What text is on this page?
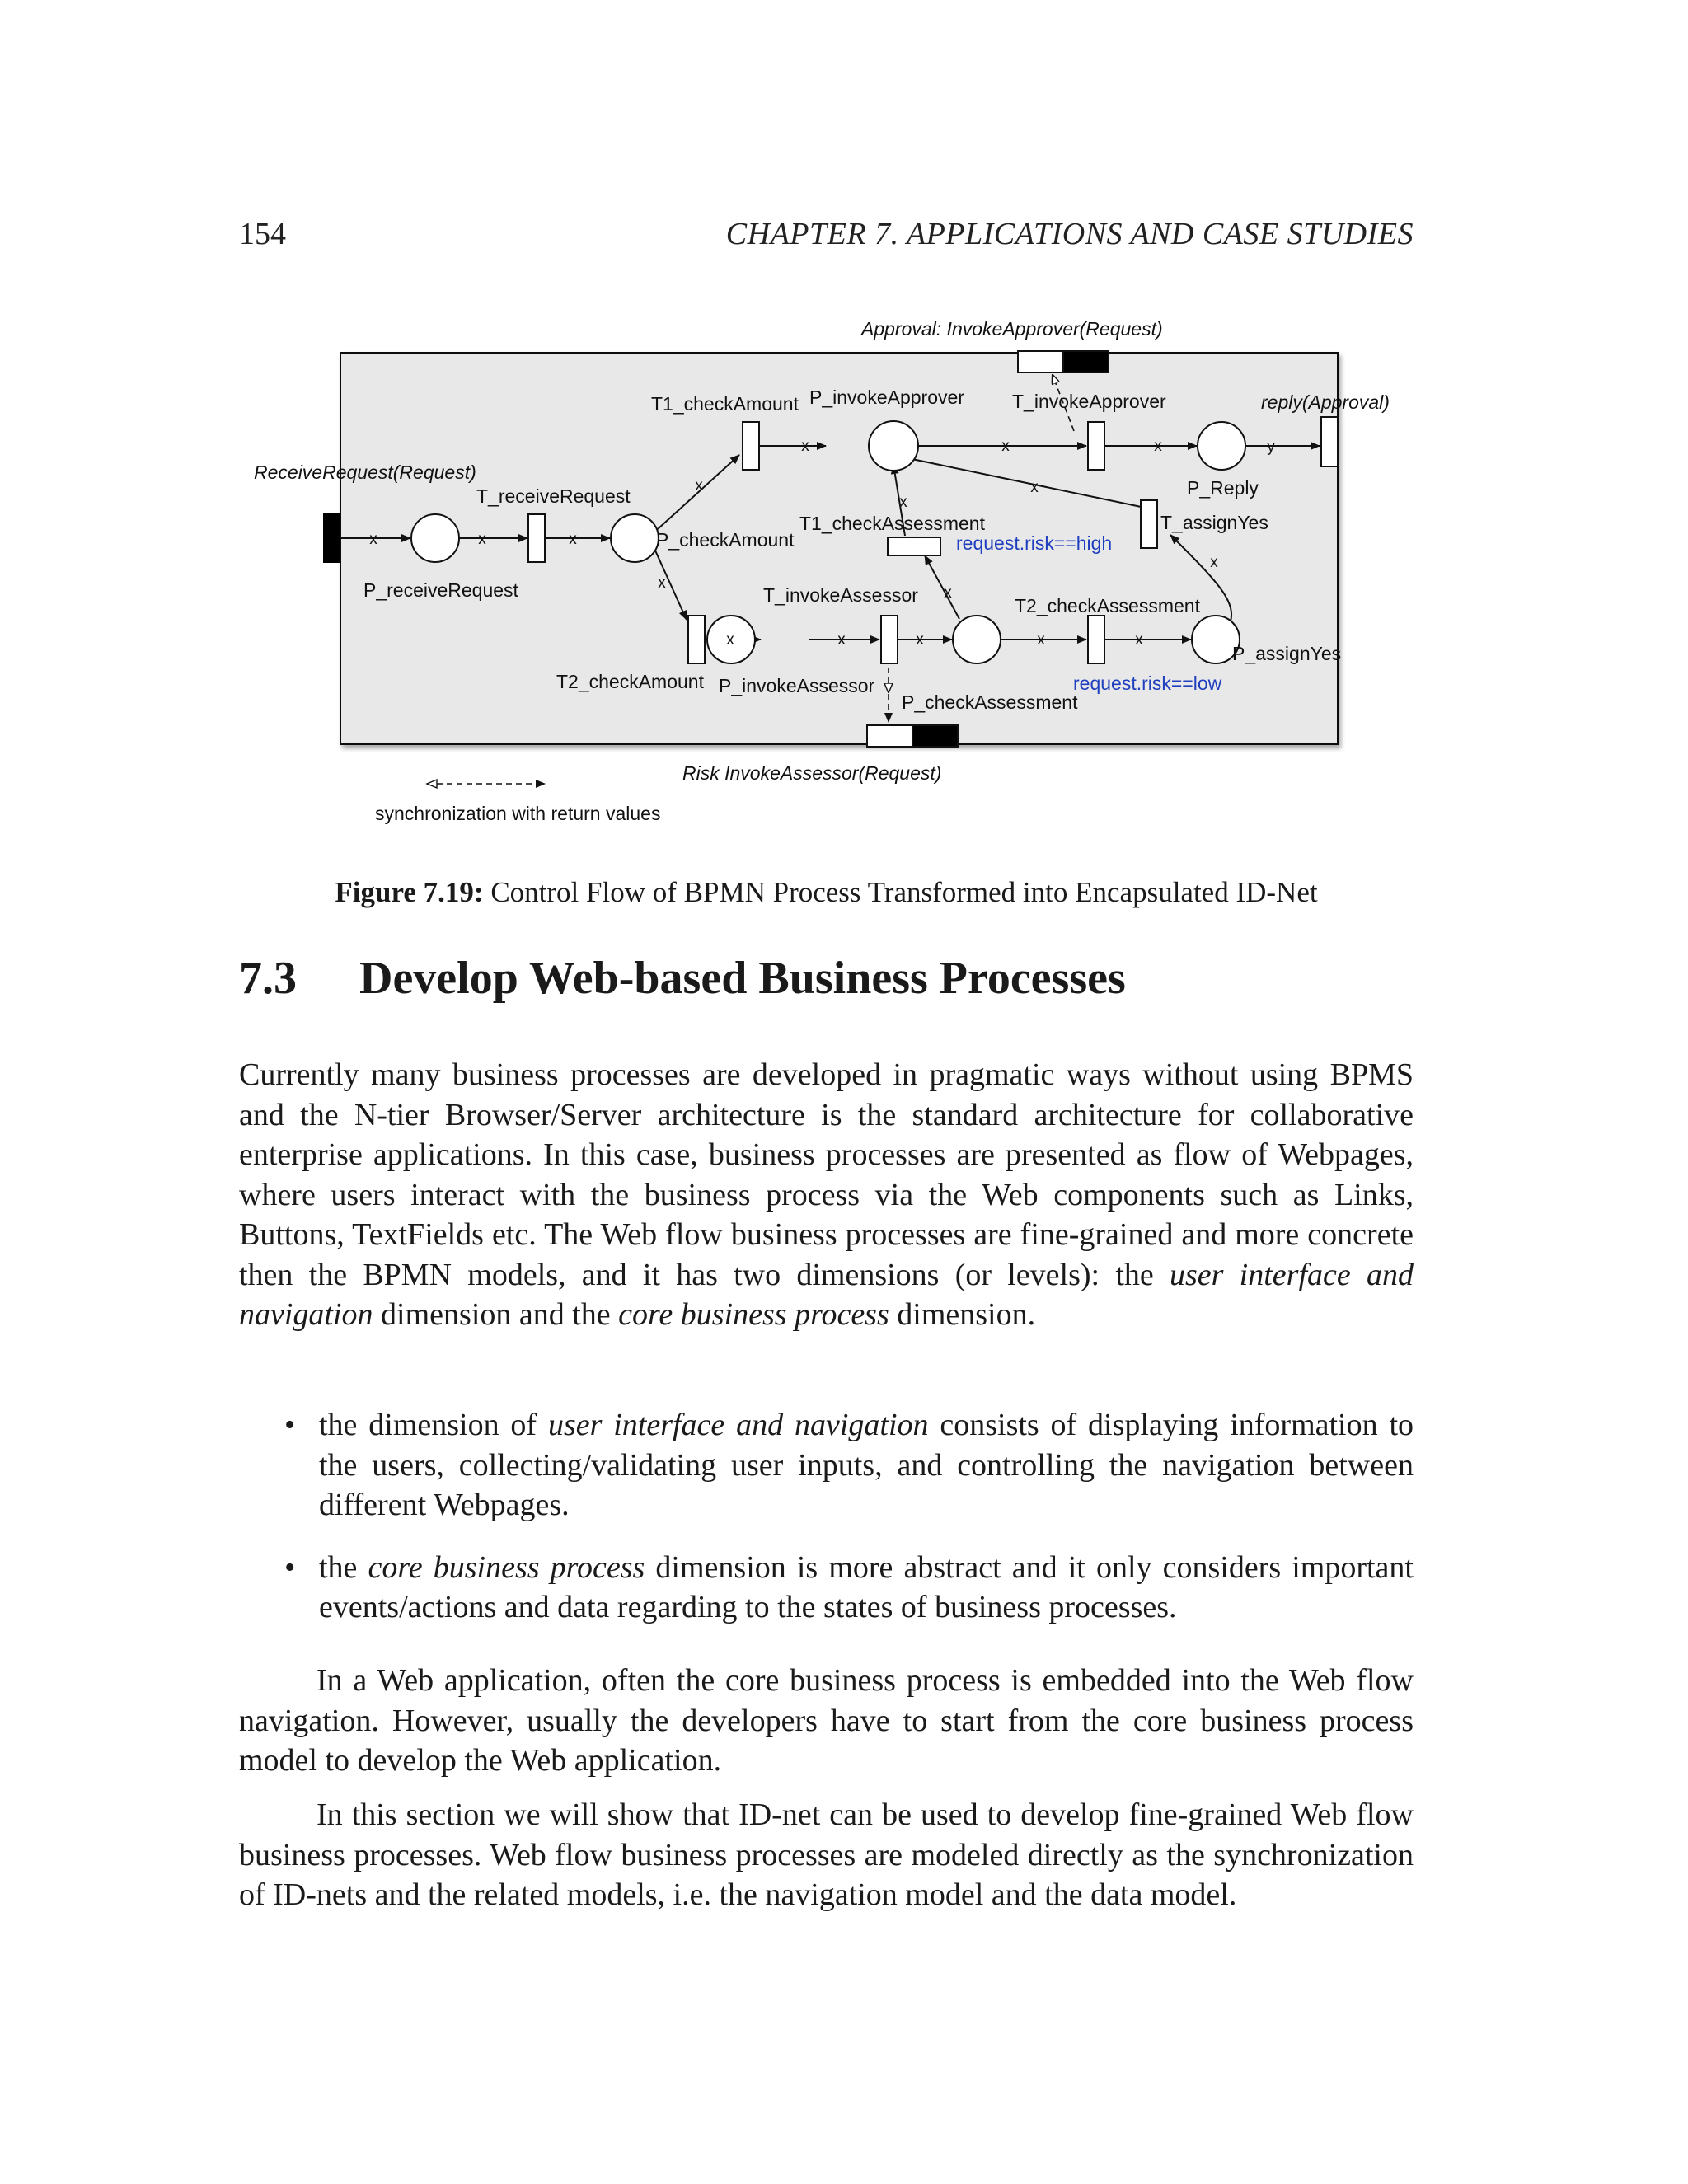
154	CHAPTER 7. APPLICATIONS AND CASE STUDIES
x	x	x
x
x
x	x	x	y
x
x
x
x	x	x	x	x
x
Approval: InvokeApprover(Request)
ReceiveRequest(Request)
reply(Approval)
Risk InvokeAssessor(Request)
T1_checkAmount P_invokeApprover	T_invokeApprover
P_Reply
T_assignYes
T_receiveRequest
P_checkAmount
T1_checkAssessment
P_receiveRequest	T_invokeAssessor	T2_checkAssessment
T2_checkAmount P_invokeAssessor
P_checkAssessment
P_assignYes
request.risk==high
request.risk==low
synchronization with return values
Figure 7.19: Control Flow of BPMN Process Transformed into Encapsulated ID-Net
7.3 Develop Web-based Business Processes
Currently many business processes are developed in pragmatic ways without using BPMS and the N-tier Browser/Server architecture is the standard architecture for collaborative enterprise applications. In this case, business processes are presented as flow of Webpages, where users interact with the business process via the Web components such as Links, Buttons, TextFields etc. The Web flow business processes are fine-grained and more concrete then the BPMN models, and it has two dimensions (or levels): the user interface and navigation dimension and the core business process dimension.
• the dimension of user interface and navigation consists of displaying information to the users, collecting/validating user inputs, and controlling the navigation between different Webpages.
• the core business process dimension is more abstract and it only considers important events/actions and data regarding to the states of business processes.
In a Web application, often the core business process is embedded into the Web flow navigation. However, usually the developers have to start from the core business process model to develop the Web application.
In this section we will show that ID-net can be used to develop fine-grained Web flow business processes. Web flow business processes are modeled directly as the synchronization of ID-nets and the related models, i.e. the navigation model and the data model.
